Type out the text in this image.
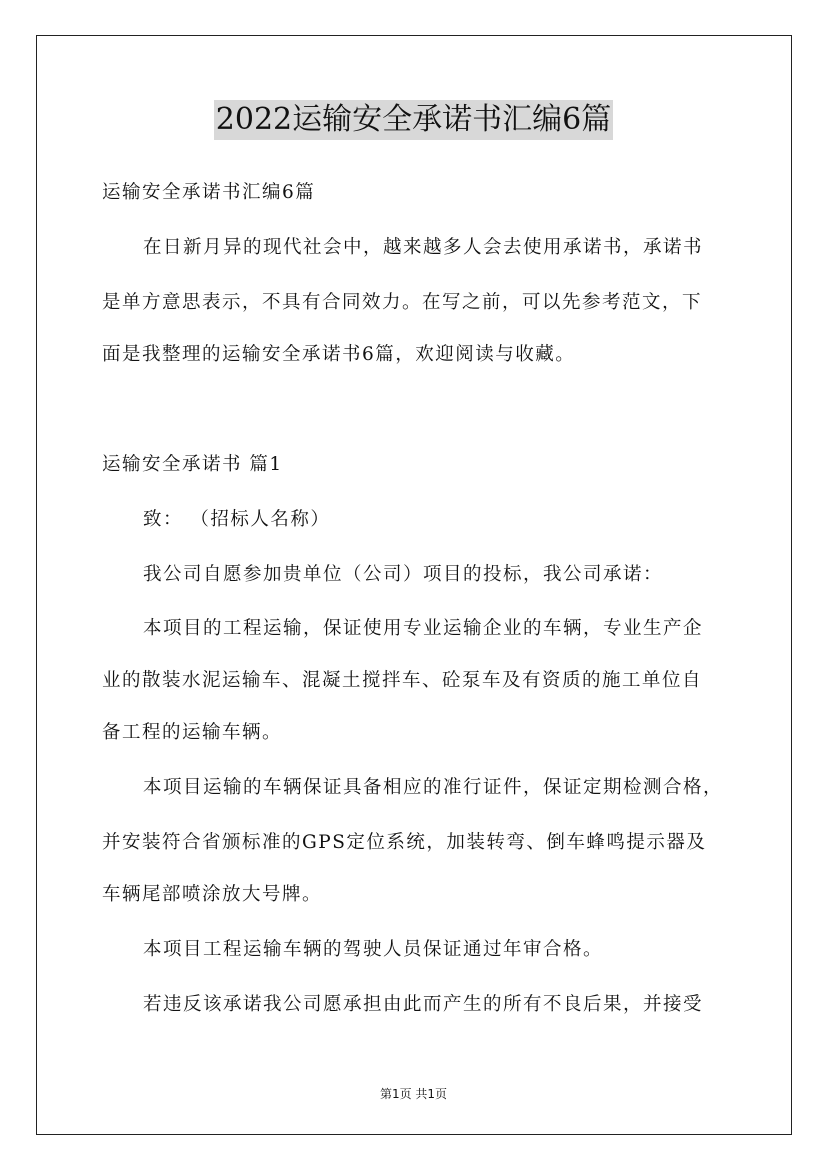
2022运输安全承诺书汇编6篇
运输安全承诺书汇编6篇
在日新月异的现代社会中，越来越多人会去使用承诺书，承诺书
是单方意思表示，不具有合同效力。在写之前，可以先参考范文，下
面是我整理的运输安全承诺书6篇，欢迎阅读与收藏。
运输安全承诺书 篇1
致： （招标人名称）
我公司自愿参加贵单位（公司）项目的投标，我公司承诺：
本项目的工程运输，保证使用专业运输企业的车辆，专业生产企
业的散装水泥运输车、混凝土搅拌车、砼泵车及有资质的施工单位自
备工程的运输车辆。
本项目运输的车辆保证具备相应的准行证件，保证定期检测合格，
并安装符合省颁标准的GPS定位系统，加装转弯、倒车蜂鸣提示器及
车辆尾部喷涂放大号牌。
本项目工程运输车辆的驾驶人员保证通过年审合格。
若违反该承诺我公司愿承担由此而产生的所有不良后果，并接受
第1页 共1页
